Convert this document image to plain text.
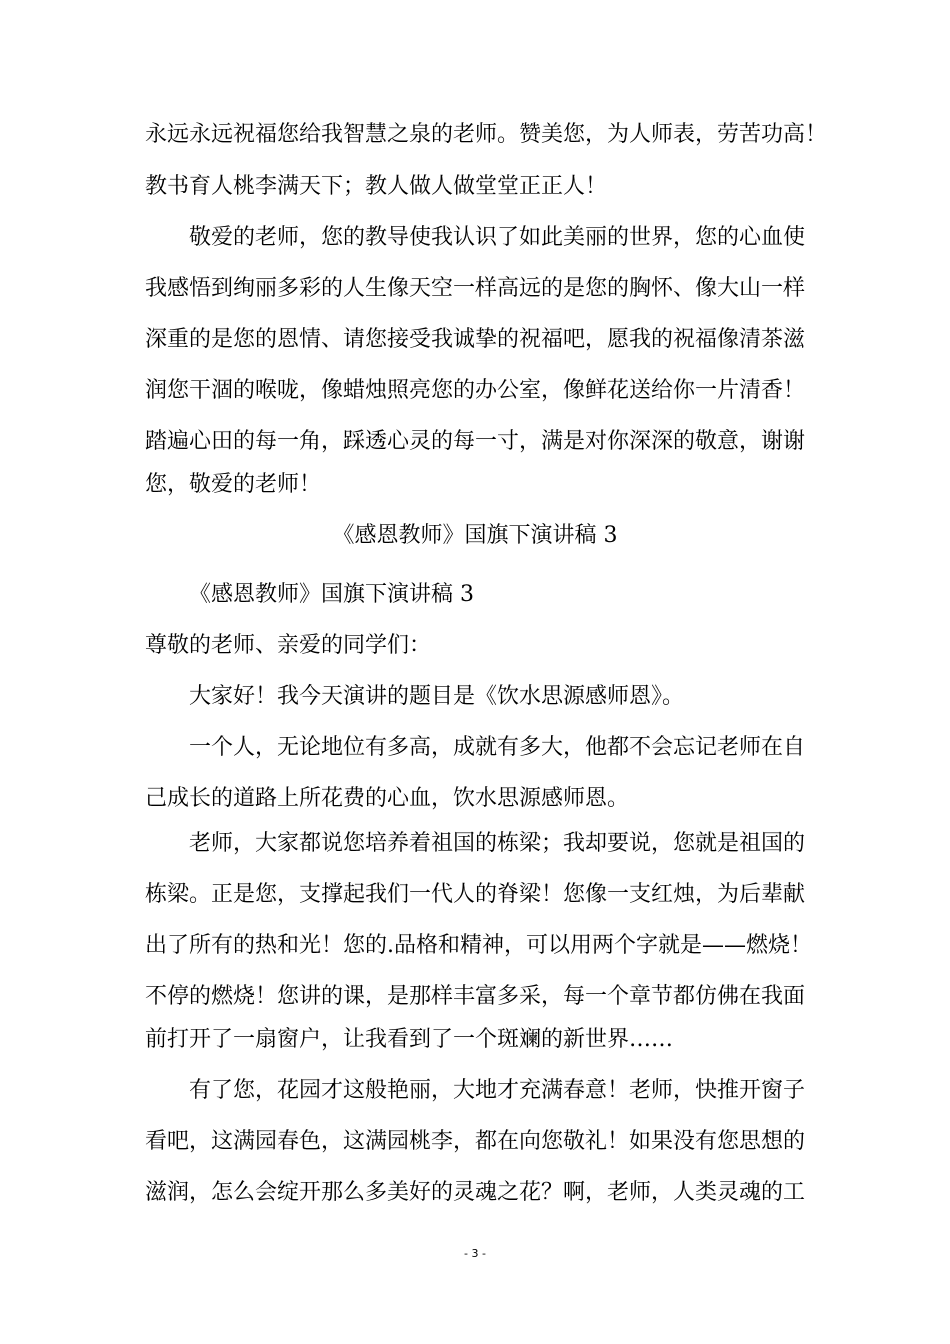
永远永远祝福您给我智慧之泉的老师。赞美您，为人师表，劳苦功高！
教书育人桃李满天下；教人做人做堂堂正正人！
敬爱的老师，您的教导使我认识了如此美丽的世界，您的心血使
我感悟到绚丽多彩的人生像天空一样高远的是您的胸怀、像大山一样
深重的是您的恩情、请您接受我诚挚的祝福吧，愿我的祝福像清茶滋
润您干涸的喉咙，像蜡烛照亮您的办公室，像鲜花送给你一片清香！
踏遍心田的每一角，踩透心灵的每一寸，满是对你深深的敬意，谢谢
您，敬爱的老师！
《感恩教师》国旗下演讲稿 3
《感恩教师》国旗下演讲稿 3
尊敬的老师、亲爱的同学们：
大家好！我今天演讲的题目是《饮水思源感师恩》。
一个人，无论地位有多高，成就有多大，他都不会忘记老师在自
己成长的道路上所花费的心血，饮水思源感师恩。
老师，大家都说您培养着祖国的栋梁；我却要说，您就是祖国的
栋梁。正是您，支撑起我们一代人的脊梁！您像一支红烛，为后辈献
出了所有的热和光！您的.品格和精神，可以用两个字就是——燃烧！
不停的燃烧！您讲的课，是那样丰富多采，每一个章节都仿佛在我面
前打开了一扇窗户，让我看到了一个斑斓的新世界……
有了您，花园才这般艳丽，大地才充满春意！老师，快推开窗子
看吧，这满园春色，这满园桃李，都在向您敬礼！如果没有您思想的
滋润，怎么会绽开那么多美好的灵魂之花？啊，老师，人类灵魂的工
- 3 -
